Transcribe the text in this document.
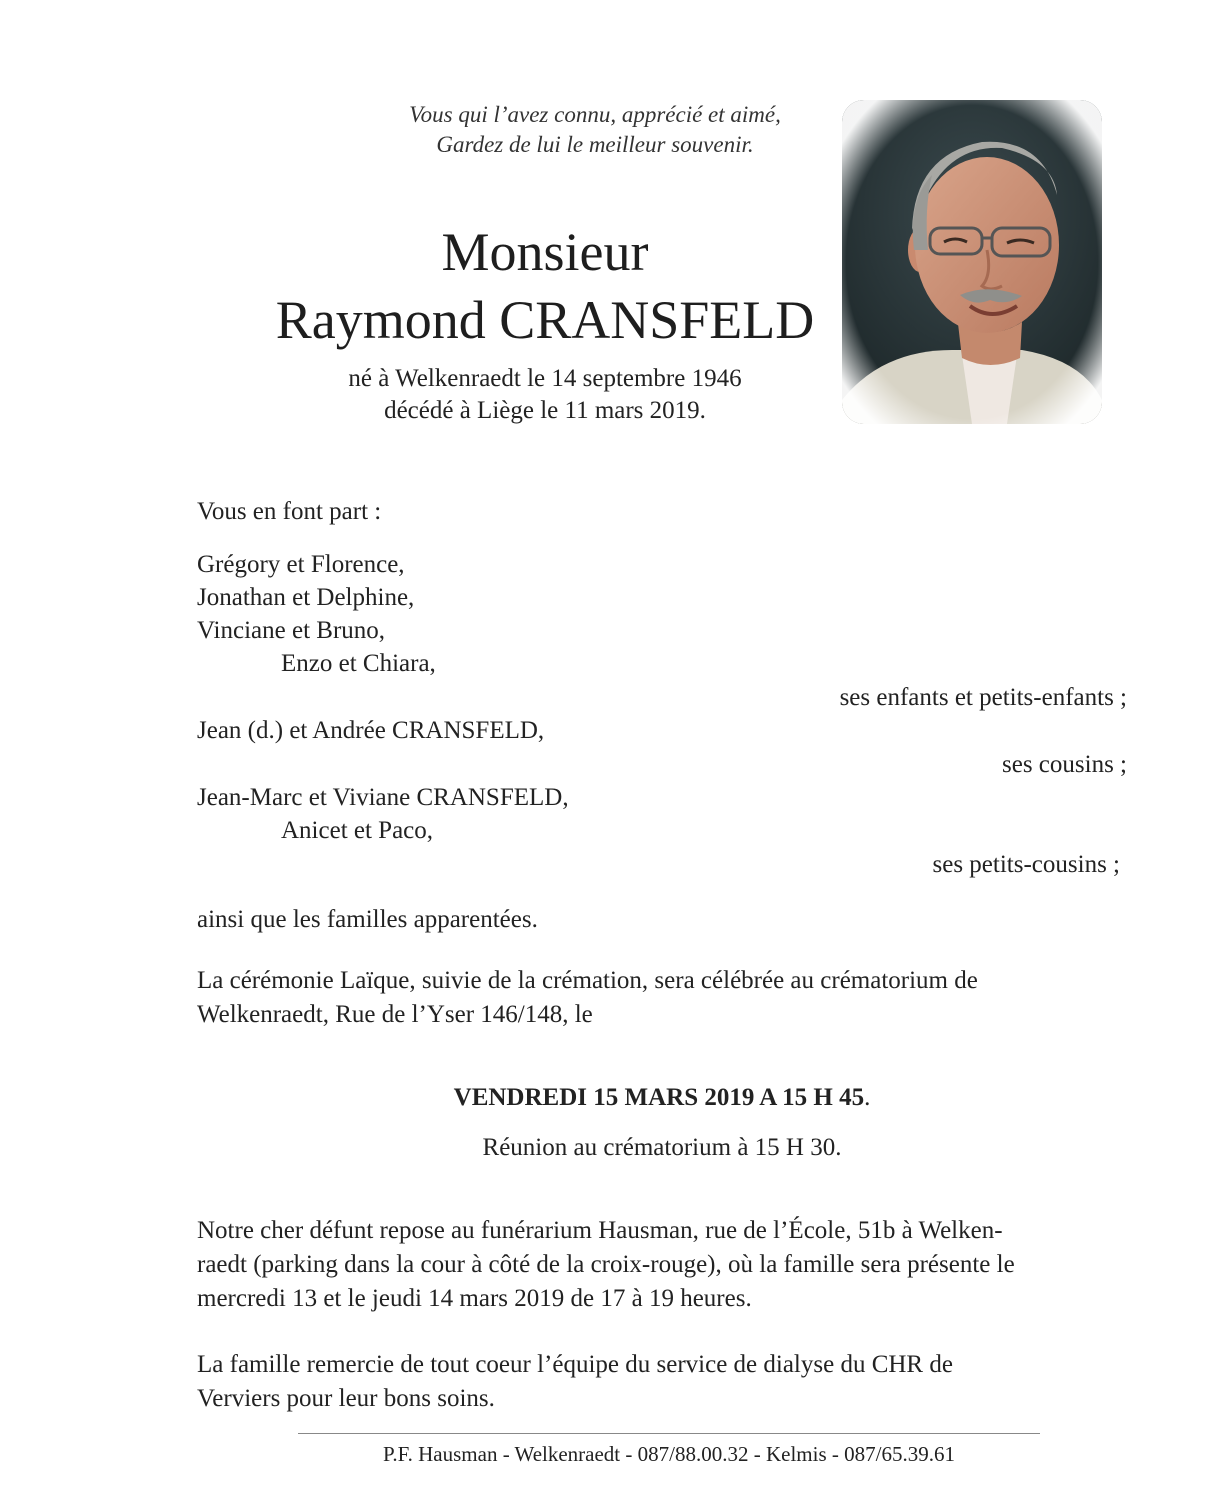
Vous qui l’avez connu, apprécié et aimé,
Gardez de lui le meilleur souvenir.
Monsieur
Raymond CRANSFELD
né à Welkenraedt le 14 septembre 1946
décédé à Liège le 11 mars 2019.
Vous en font part :
Grégory et Florence,
Jonathan et Delphine,
Vinciane et Bruno,
Enzo et Chiara,
ses enfants et petits-enfants ;
Jean (d.) et Andrée CRANSFELD,
ses cousins ;
Jean-Marc et Viviane CRANSFELD,
Anicet et Paco,
ses petits-cousins ;
ainsi que les familles apparentées.
La cérémonie Laïque, suivie de la crémation, sera célébrée au crématorium de
Welkenraedt, Rue de l’Yser 146/148, le
VENDREDI 15 MARS 2019 A 15 H 45.
Réunion au crématorium à 15 H 30.
Notre cher défunt repose au funérarium Hausman, rue de l’École, 51b à Welken-
raedt (parking dans la cour à côté de la croix-rouge), où la famille sera présente le
mercredi 13 et le jeudi 14 mars 2019 de 17 à 19 heures.
La famille remercie de tout coeur l’équipe du service de dialyse du CHR de
Verviers pour leur bons soins.
P.F. Hausman - Welkenraedt - 087/88.00.32 - Kelmis - 087/65.39.61
